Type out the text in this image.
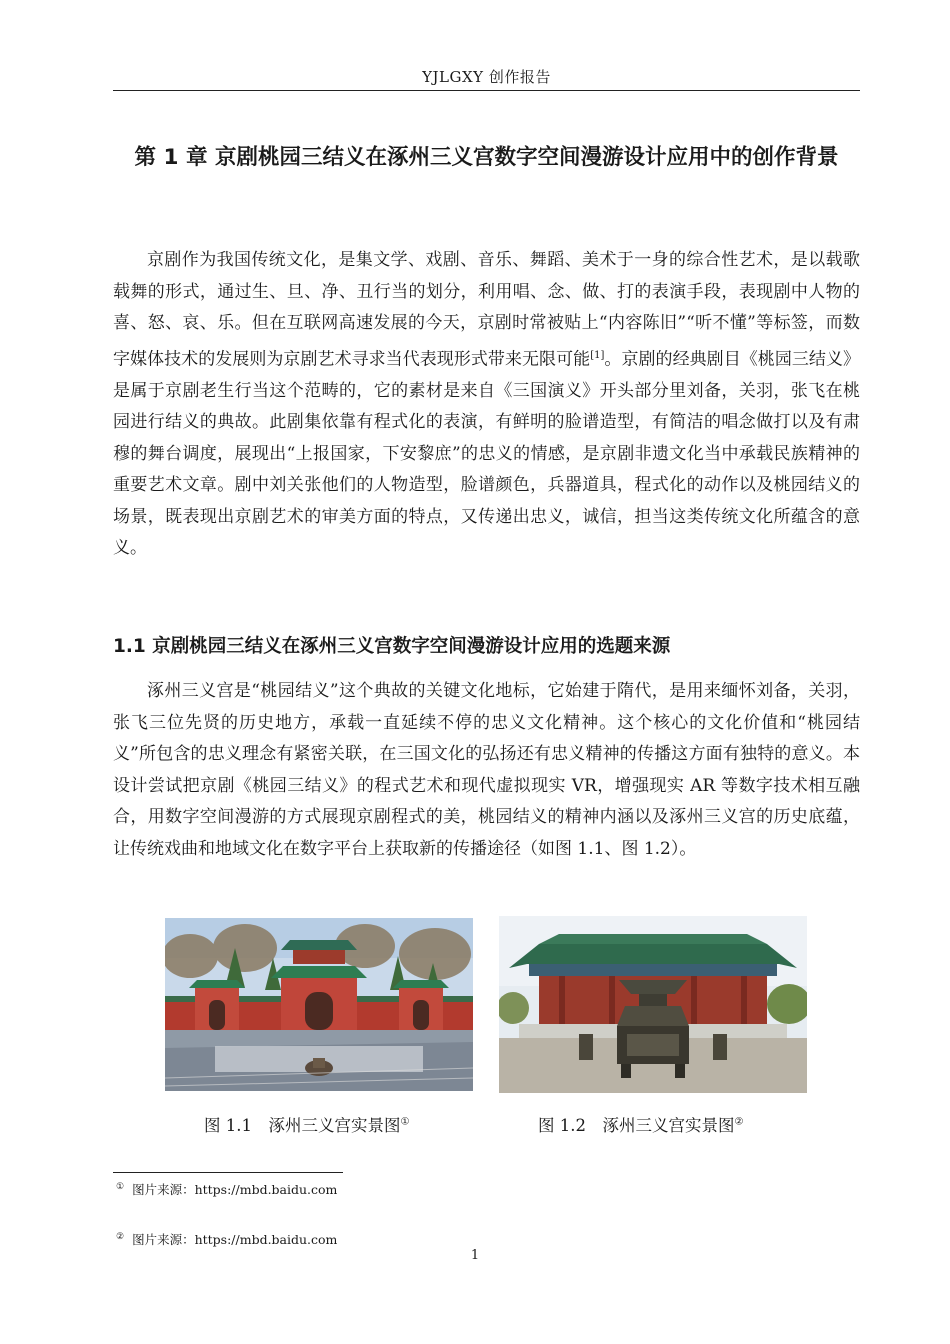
YJLGXY 创作报告
第 1 章 京剧桃园三结义在涿州三义宫数字空间漫游设计应用中的创作背景
京剧作为我国传统文化，是集文学、戏剧、音乐、舞蹈、美术于一身的综合性艺术，是以载歌载舞的形式，通过生、旦、净、丑行当的划分，利用唱、念、做、打的表演手段，表现剧中人物的喜、怒、哀、乐。但在互联网高速发展的今天，京剧时常被贴上“内容陈旧”“听不懂”等标签，而数字媒体技术的发展则为京剧艺术寻求当代表现形式带来无限可能[1]。京剧的经典剧目《桃园三结义》是属于京剧老生行当这个范畴的，它的素材是来自《三国演义》开头部分里刘备，关羽，张飞在桃园进行结义的典故。此剧集依靠有程式化的表演，有鲜明的脸谱造型，有简洁的唱念做打以及有肃穆的舞台调度，展现出“上报国家，下安黎庶”的忠义的情感，是京剧非遗文化当中承载民族精神的重要艺术文章。剧中刘关张他们的人物造型，脸谱颜色，兵器道具，程式化的动作以及桃园结义的场景，既表现出京剧艺术的审美方面的特点，又传递出忠义，诚信，担当这类传统文化所蕴含的意义。
1.1 京剧桃园三结义在涿州三义宫数字空间漫游设计应用的选题来源
涿州三义宫是“桃园结义”这个典故的关键文化地标，它始建于隋代，是用来缅怀刘备，关羽，张飞三位先贤的历史地方，承载一直延续不停的忠义文化精神。这个核心的文化价值和“桃园结义”所包含的忠义理念有紧密关联，在三国文化的弘扬还有忠义精神的传播这方面有独特的意义。本设计尝试把京剧《桃园三结义》的程式艺术和现代虚拟现实 VR，增强现实 AR 等数字技术相互融合，用数字空间漫游的方式展现京剧程式的美，桃园结义的精神内涵以及涿州三义宫的历史底蕴，让传统戏曲和地域文化在数字平台上获取新的传播途径（如图 1.1、图 1.2）。
图 1.1　涿州三义宫实景图①	图 1.2　涿州三义宫实景图②
① 图片来源：https://mbd.baidu.com
② 图片来源：https://mbd.baidu.com
1
